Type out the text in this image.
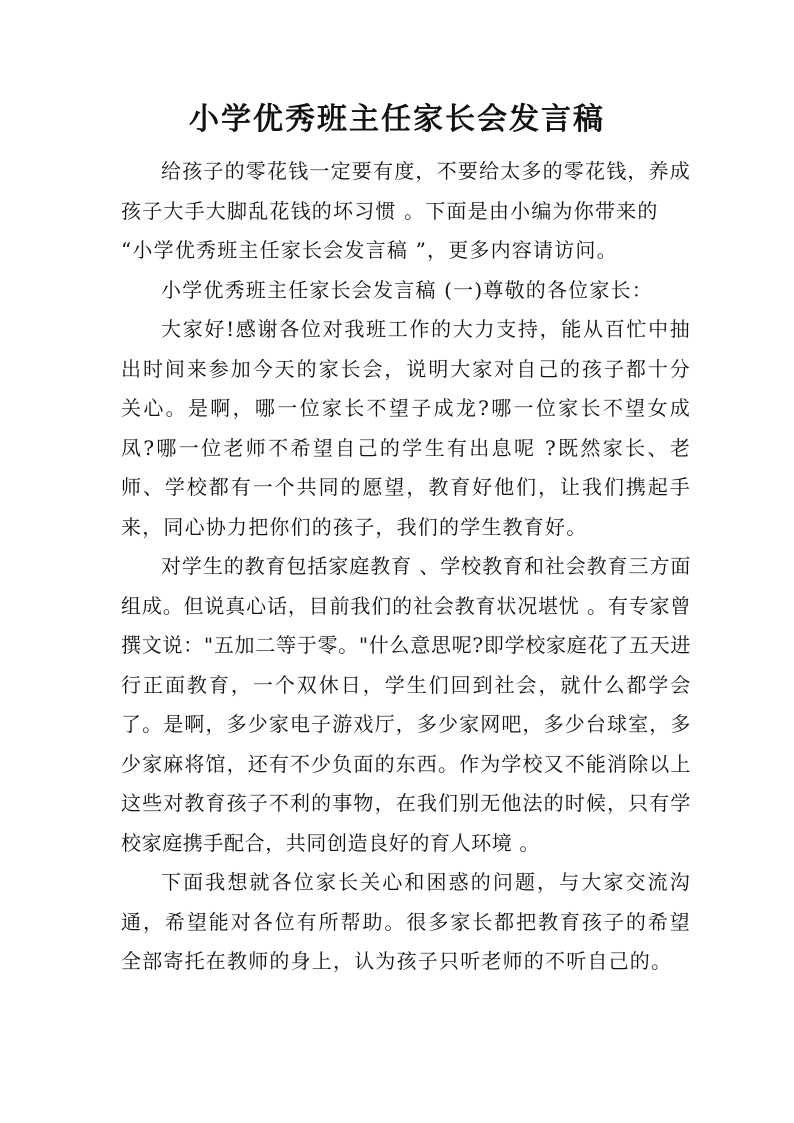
小学优秀班主任家长会发言稿

给孩子的零花钱一定要有度，不要给太多的零花钱，养成孩子大手大脚乱花钱的坏习惯 。下面是由小编为你带来的

“小学优秀班主任家长会发言稿 ”，更多内容请访问。

小学优秀班主任家长会发言稿 (一)尊敬的各位家长：

大家好!感谢各位对我班工作的大力支持，能从百忙中抽出时间来参加今天的家长会，说明大家对自己的孩子都十分关心。是啊，哪一位家长不望子成龙?哪一位家长不望女成凤?哪一位老师不希望自己的学生有出息呢 ?既然家长、老师、学校都有一个共同的愿望，教育好他们，让我们携起手来，同心协力把你们的孩子，我们的学生教育好。

对学生的教育包括家庭教育 、学校教育和社会教育三方面组成。但说真心话，目前我们的社会教育状况堪忧 。有专家曾撰文说："五加二等于零。"什么意思呢?即学校家庭花了五天进行正面教育，一个双休日，学生们回到社会，就什么都学会了。是啊，多少家电子游戏厅，多少家网吧，多少台球室，多少家麻将馆，还有不少负面的东西。作为学校又不能消除以上这些对教育孩子不利的事物，在我们别无他法的时候，只有学校家庭携手配合，共同创造良好的育人环境 。

下面我想就各位家长关心和困惑的问题，与大家交流沟通，希望能对各位有所帮助。很多家长都把教育孩子的希望全部寄托在教师的身上，认为孩子只听老师的不听自己的。
